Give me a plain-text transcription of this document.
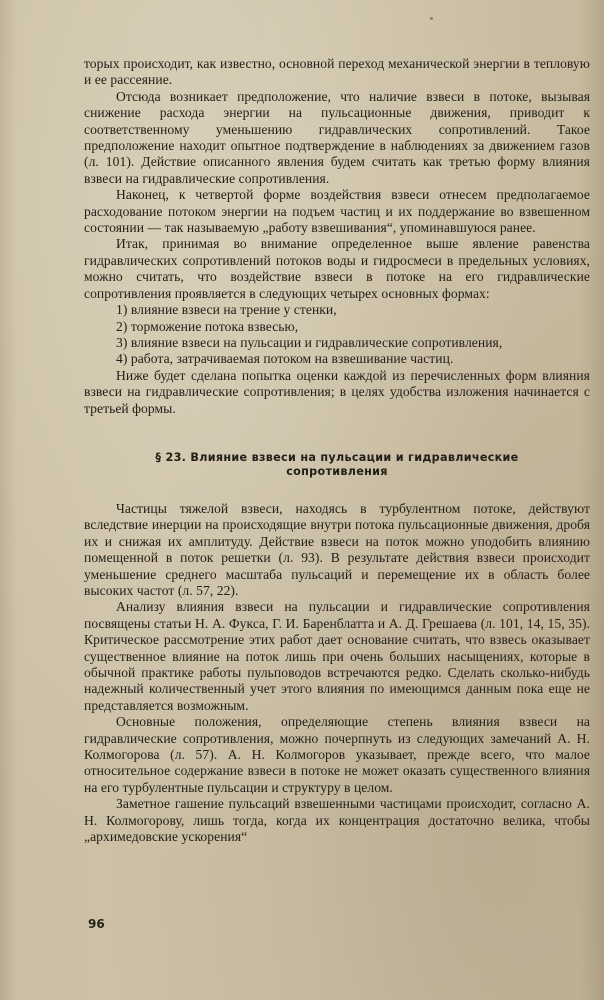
торых происходит, как известно, основной переход механической энергии в тепловую и ее рассеяние.

Отсюда возникает предположение, что наличие взвеси в потоке, вызывая снижение расхода энергии на пульсационные движения, приводит к соответственному уменьшению гидравлических сопротивлений. Такое предположение находит опытное подтверждение в наблюдениях за движением газов (л. 101). Действие описанного явления будем считать как третью форму влияния взвеси на гидравлические сопротивления.

Наконец, к четвертой форме воздействия взвеси отнесем предполагаемое расходование потоком энергии на подъем частиц и их поддержание во взвешенном состоянии — так называемую „работу взвешивания“, упоминавшуюся ранее.

Итак, принимая во внимание определенное выше явление равенства гидравлических сопротивлений потоков воды и гидросмеси в предельных условиях, можно считать, что воздействие взвеси в потоке на его гидравлические сопротивления проявляется в следующих четырех основных формах:

1) влияние взвеси на трение у стенки,
2) торможение потока взвесью,
3) влияние взвеси на пульсации и гидравлические сопротивления,
4) работа, затрачиваемая потоком на взвешивание частиц.

Ниже будет сделана попытка оценки каждой из перечисленных форм влияния взвеси на гидравлические сопротивления; в целях удобства изложения начинается с третьей формы.

§ 23. Влияние взвеси на пульсации и гидравлические сопротивления

Частицы тяжелой взвеси, находясь в турбулентном потоке, действуют вследствие инерции на происходящие внутри потока пульсационные движения, дробя их и снижая их амплитуду. Действие взвеси на поток можно уподобить влиянию помещенной в поток решетки (л. 93). В результате действия взвеси происходит уменьшение среднего масштаба пульсаций и перемещение их в область более высоких частот (л. 57, 22).

Анализу влияния взвеси на пульсации и гидравлические сопротивления посвящены статьи Н. А. Фукса, Г. И. Баренблатта и А. Д. Грешаева (л. 101, 14, 15, 35). Критическое рассмотрение этих работ дает основание считать, что взвесь оказывает существенное влияние на поток лишь при очень больших насыщениях, которые в обычной практике работы пульповодов встречаются редко. Сделать сколько-нибудь надежный количественный учет этого влияния по имеющимся данным пока еще не представляется возможным.

Основные положения, определяющие степень влияния взвеси на гидравлические сопротивления, можно почерпнуть из следующих замечаний А. Н. Колмогорова (л. 57). А. Н. Колмогоров указывает, прежде всего, что малое относительное содержание взвеси в потоке не может оказать существенного влияния на его турбулентные пульсации и структуру в целом.

Заметное гашение пульсаций взвешенными частицами происходит, согласно А. Н. Колмогорову, лишь тогда, когда их концентрация достаточно велика, чтобы „архимедовские ускорения“

96
